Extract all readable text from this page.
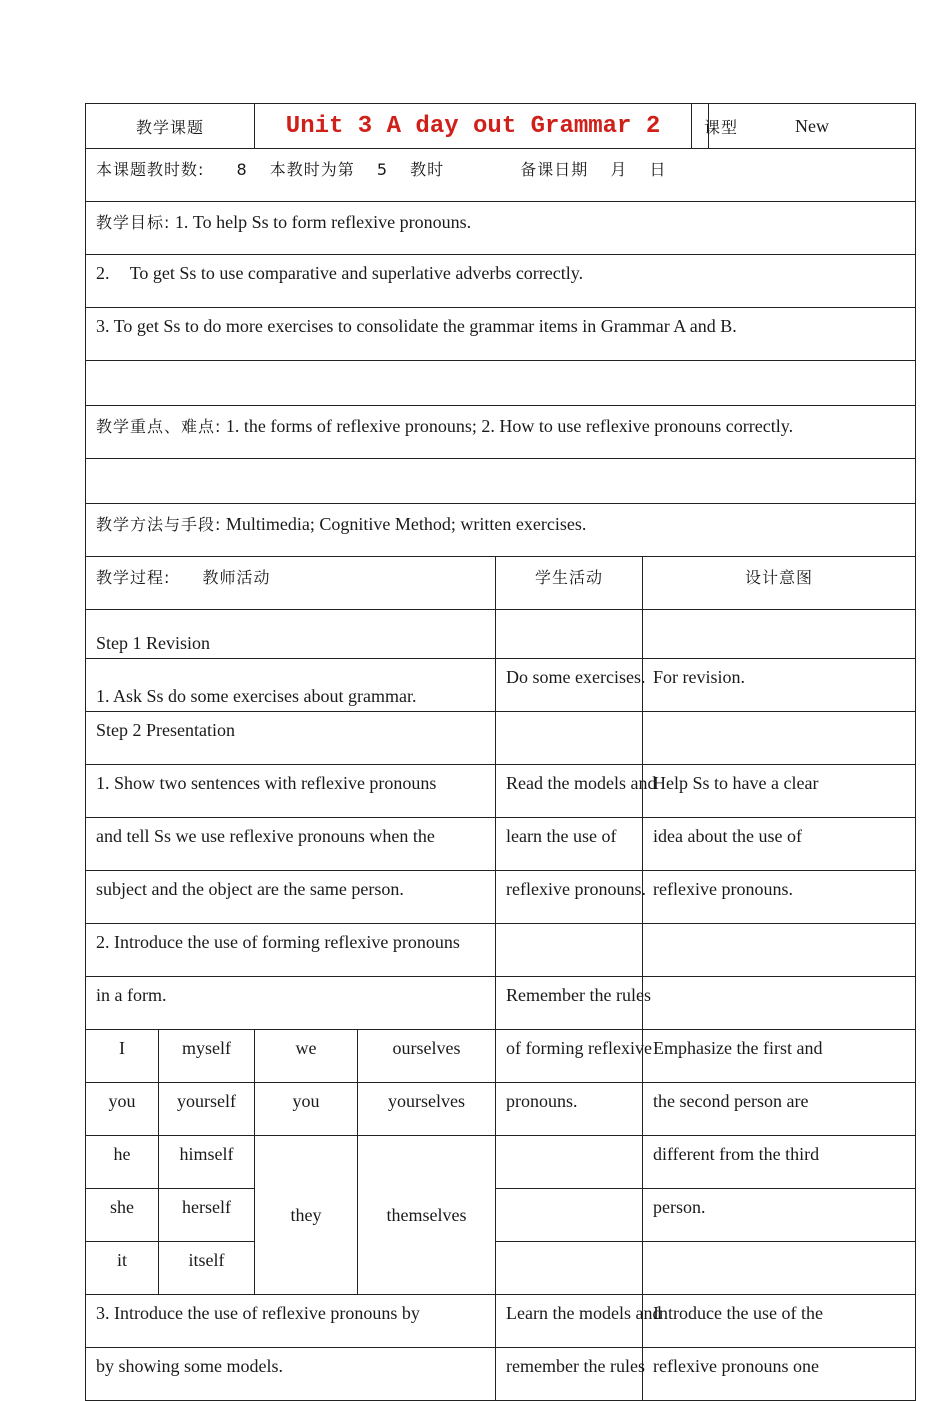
教学课题		Unit 3 A day out Grammar 2				课型	New
本课题教时数: 8 本教时为第 5 教时 备课日期 月 日							
教学目标: 1. To help Ss to form reflexive pronouns.							
2. To get Ss to use comparative and superlative adverbs correctly.							
3. To get Ss to do more exercises to consolidate the grammar items in Grammar A and B.							

教学重点、难点: 1. the forms of reflexive pronouns; 2. How to use reflexive pronouns correctly.							

教学方法与手段: Multimedia; Cognitive Method; written exercises.							
教学过程: 教师活动				学生活动	设计意图		
Step 1 Revision							
1. Ask Ss do some exercises about grammar.				Do some exercises.	For revision.		
Step 2 Presentation							
1. Show two sentences with reflexive pronouns				Read the models and	Help Ss to have a clear		
and tell Ss we use reflexive pronouns when the				learn the use of	idea about the use of		
subject and the object are the same person.				reflexive pronouns.	reflexive pronouns.		
2. Introduce the use of forming reflexive pronouns							
in a form.				Remember the rules			
I	myself	we	ourselves	of forming reflexive	Emphasize the first and		
you	yourself	you	yourselves	pronouns.	the second person are		
he	himself	they	themselves		different from the third		
she	herself				person.		
it	itself						
3. Introduce the use of reflexive pronouns by				Learn the models and	Introduce the use of the		
by showing some models.				remember the rules	reflexive pronouns one		
